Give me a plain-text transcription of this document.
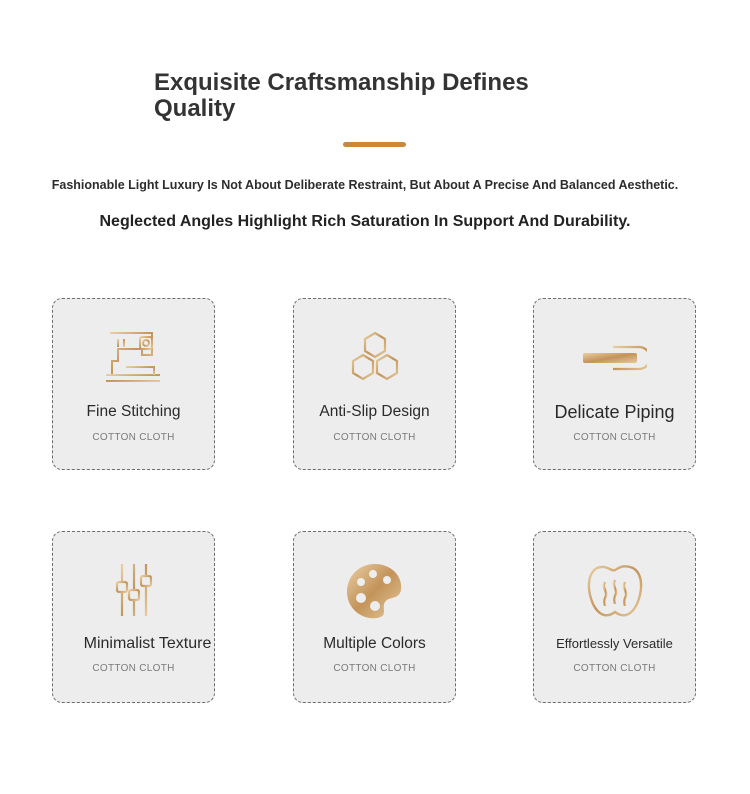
Exquisite Craftsmanship Defines Quality

Fashionable Light Luxury Is Not About Deliberate Restraint, But About A Precise And Balanced Aesthetic.

Neglected Angles Highlight Rich Saturation In Support And Durability.

Fine Stitching
COTTON CLOTH
Anti-Slip Design
COTTON CLOTH
Delicate Piping
COTTON CLOTH
Minimalist Texture
COTTON CLOTH
Multiple Colors
COTTON CLOTH
Effortlessly Versatile
COTTON CLOTH
